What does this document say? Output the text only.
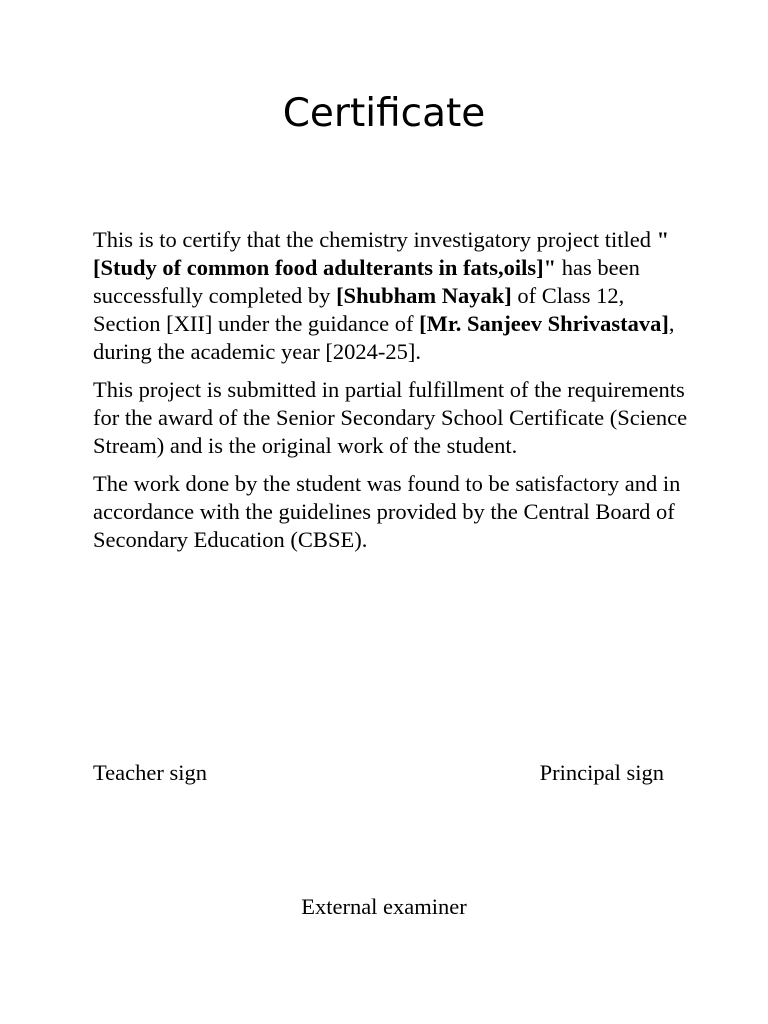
Certificate

This is to certify that the chemistry investigatory project titled "[Study of common food adulterants in fats,oils]" has been successfully completed by [Shubham Nayak] of Class 12, Section [XII] under the guidance of [Mr. Sanjeev Shrivastava], during the academic year [2024-25].

This project is submitted in partial fulfillment of the requirements for the award of the Senior Secondary School Certificate (Science Stream) and is the original work of the student.

The work done by the student was found to be satisfactory and in accordance with the guidelines provided by the Central Board of Secondary Education (CBSE).

Teacher sign	Principal sign
External examiner
